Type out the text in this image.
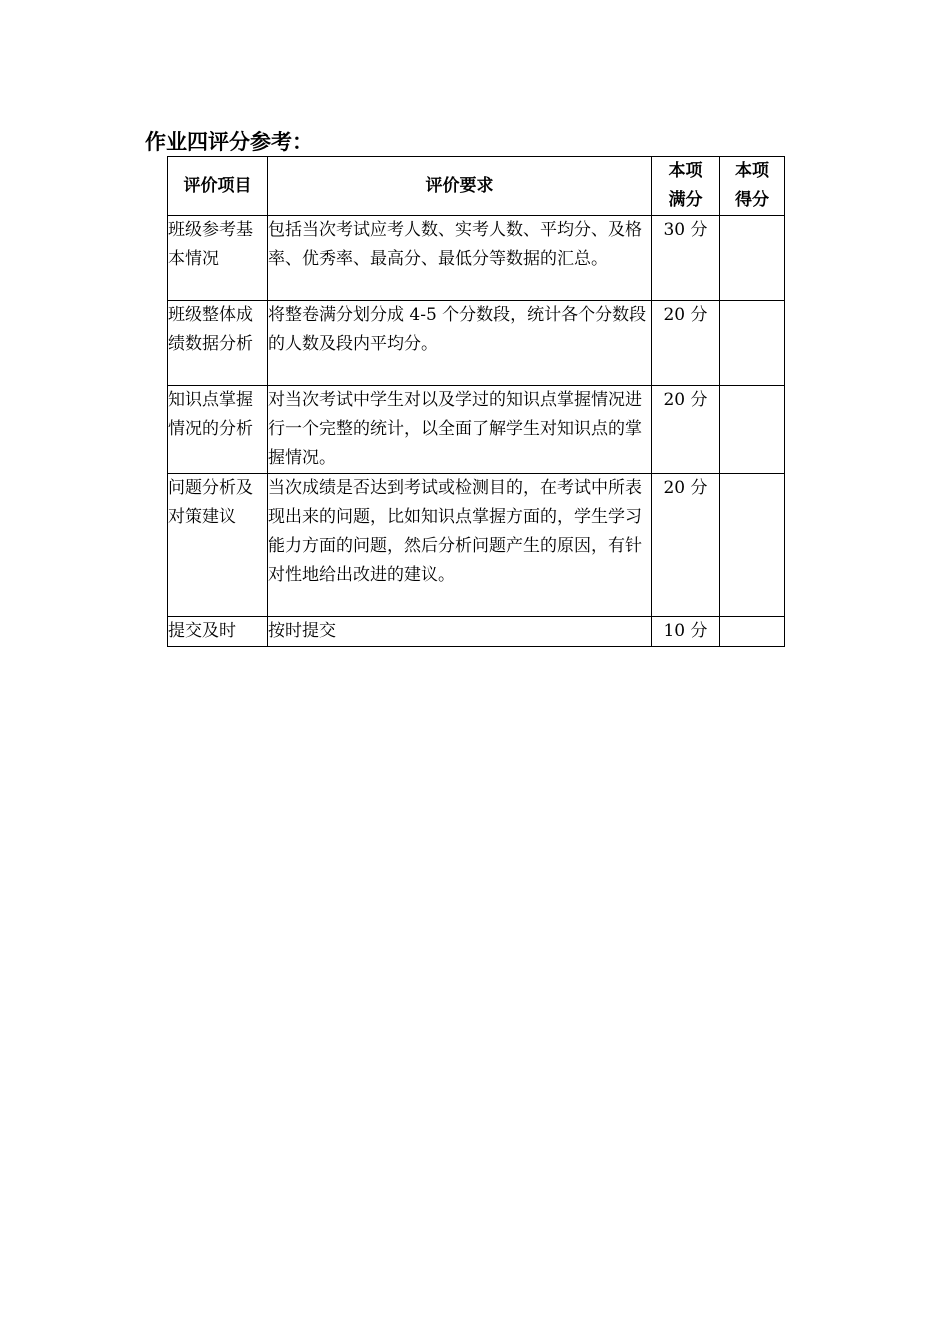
作业四评分参考：
评价项目	评价要求	本项满分	本项得分
班级参考基本情况	包括当次考试应考人数、实考人数、平均分、及格率、优秀率、最高分、最低分等数据的汇总。	30 分	
班级整体成绩数据分析	将整卷满分划分成 4-5 个分数段，统计各个分数段的人数及段内平均分。	20 分	
知识点掌握情况的分析	对当次考试中学生对以及学过的知识点掌握情况进行一个完整的统计，以全面了解学生对知识点的掌握情况。	20 分	
问题分析及对策建议	当次成绩是否达到考试或检测目的，在考试中所表现出来的问题，比如知识点掌握方面的，学生学习能力方面的问题，然后分析问题产生的原因，有针对性地给出改进的建议。	20 分	
提交及时	按时提交	10 分	
